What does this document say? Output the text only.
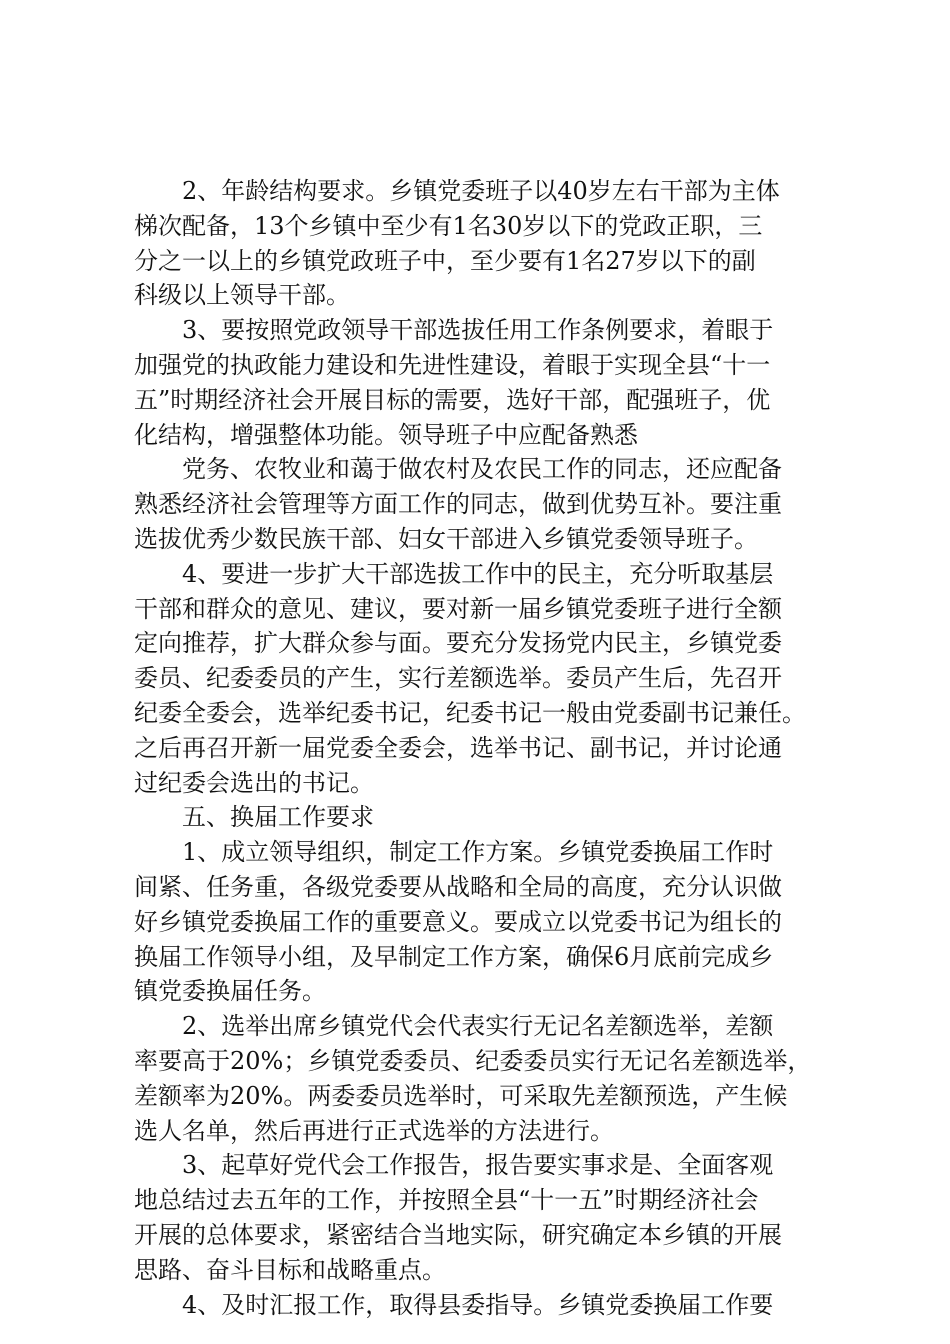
2、年龄结构要求。乡镇党委班子以40岁左右干部为主体
梯次配备，13个乡镇中至少有1名30岁以下的党政正职，三
分之一以上的乡镇党政班子中，至少要有1名27岁以下的副
科级以上领导干部。
3、要按照党政领导干部选拔任用工作条例要求，着眼于
加强党的执政能力建设和先进性建设，着眼于实现全县“十一
五”时期经济社会开展目标的需要，选好干部，配强班子，优
化结构，增强整体功能。领导班子中应配备熟悉
党务、农牧业和蔼于做农村及农民工作的同志，还应配备
熟悉经济社会管理等方面工作的同志，做到优势互补。要注重
选拔优秀少数民族干部、妇女干部进入乡镇党委领导班子。
4、要进一步扩大干部选拔工作中的民主，充分听取基层
干部和群众的意见、建议，要对新一届乡镇党委班子进行全额
定向推荐，扩大群众参与面。要充分发扬党内民主，乡镇党委
委员、纪委委员的产生，实行差额选举。委员产生后，先召开
纪委全委会，选举纪委书记，纪委书记一般由党委副书记兼任。
之后再召开新一届党委全委会，选举书记、副书记，并讨论通
过纪委会选出的书记。
五、换届工作要求
1、成立领导组织，制定工作方案。乡镇党委换届工作时
间紧、任务重，各级党委要从战略和全局的高度，充分认识做
好乡镇党委换届工作的重要意义。要成立以党委书记为组长的
换届工作领导小组，及早制定工作方案，确保6月底前完成乡
镇党委换届任务。
2、选举出席乡镇党代会代表实行无记名差额选举，差额
率要高于20%；乡镇党委委员、纪委委员实行无记名差额选举，
差额率为20%。两委委员选举时，可采取先差额预选，产生候
选人名单，然后再进行正式选举的方法进行。
3、起草好党代会工作报告，报告要实事求是、全面客观
地总结过去五年的工作，并按照全县“十一五”时期经济社会
开展的总体要求，紧密结合当地实际，研究确定本乡镇的开展
思路、奋斗目标和战略重点。
4、及时汇报工作，取得县委指导。乡镇党委换届工作要
